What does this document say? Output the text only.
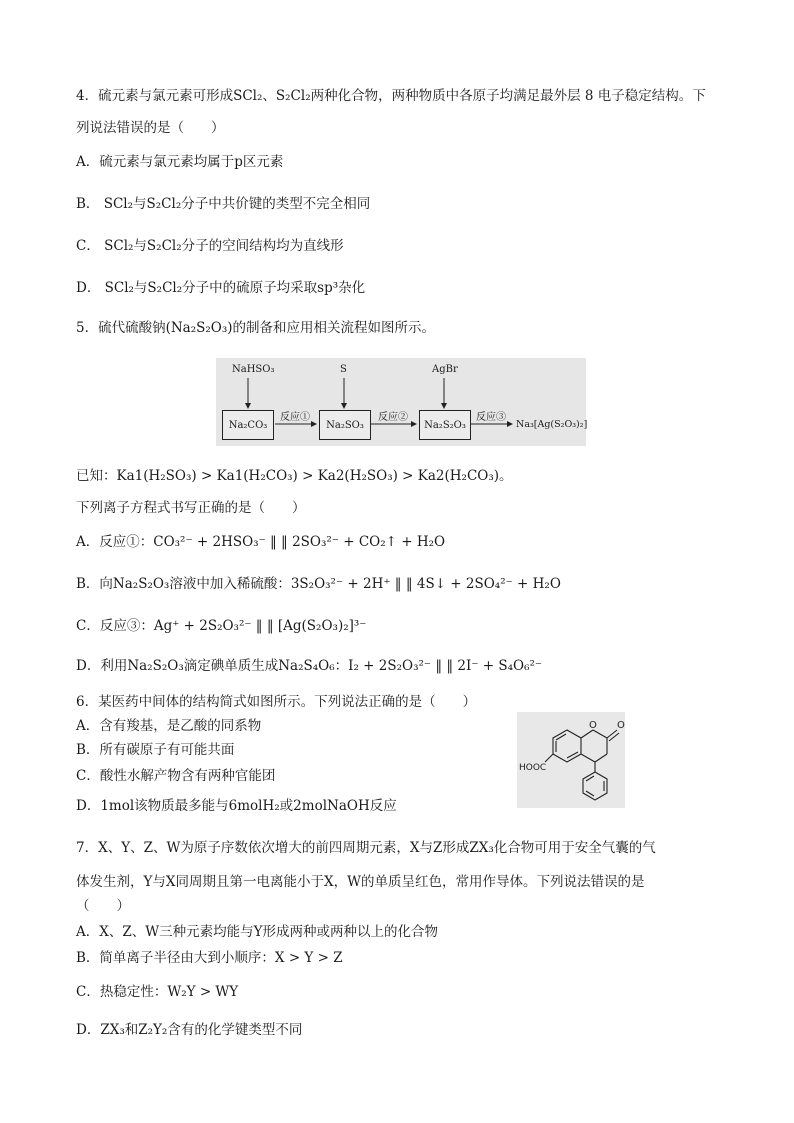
4．硫元素与氯元素可形成SCl₂、S₂Cl₂两种化合物，两种物质中各原子均满足最外层 8 电子稳定结构。下
列说法错误的是（　　）
A．硫元素与氯元素均属于p区元素
B． SCl₂与S₂Cl₂分子中共价键的类型不完全相同
C． SCl₂与S₂Cl₂分子的空间结构均为直线形
D． SCl₂与S₂Cl₂分子中的硫原子均采取sp³杂化
5．硫代硫酸钠(Na₂S₂O₃)的制备和应用相关流程如图所示。
NaHSO₃	S	AgBr
Na₂CO₃	Na₂SO₃	Na₂S₂O₃
反应①	反应②	反应③
Na₃[Ag(S₂O₃)₂]
已知：Ka1(H₂SO₃) > Ka1(H₂CO₃) > Ka2(H₂SO₃) > Ka2(H₂CO₃)。
下列离子方程式书写正确的是（　　）
A．反应①：CO₃²⁻ + 2HSO₃⁻ ‖ ‖ 2SO₃²⁻ + CO₂↑ + H₂O
B．向Na₂S₂O₃溶液中加入稀硫酸：3S₂O₃²⁻ + 2H⁺ ‖ ‖ 4S↓ + 2SO₄²⁻ + H₂O
C．反应③：Ag⁺ + 2S₂O₃²⁻ ‖ ‖ [Ag(S₂O₃)₂]³⁻
D．利用Na₂S₂O₃滴定碘单质生成Na₂S₄O₆：I₂ + 2S₂O₃²⁻ ‖ ‖ 2I⁻ + S₄O₆²⁻
6．某医药中间体的结构简式如图所示。下列说法正确的是（　　）
A．含有羧基，是乙酸的同系物
B．所有碳原子有可能共面
C．酸性水解产物含有两种官能团
D．1mol该物质最多能与6molH₂或2molNaOH反应
O O
HOOC
7．X、Y、Z、W为原子序数依次增大的前四周期元素，X与Z形成ZX₃化合物可用于安全气囊的气
体发生剂，Y与X同周期且第一电离能小于X，W的单质呈红色，常用作导体。下列说法错误的是
（　　）
A．X、Z、W三种元素均能与Y形成两种或两种以上的化合物
B．简单离子半径由大到小顺序：X > Y > Z
C．热稳定性：W₂Y > WY
D．ZX₃和Z₂Y₂含有的化学键类型不同
